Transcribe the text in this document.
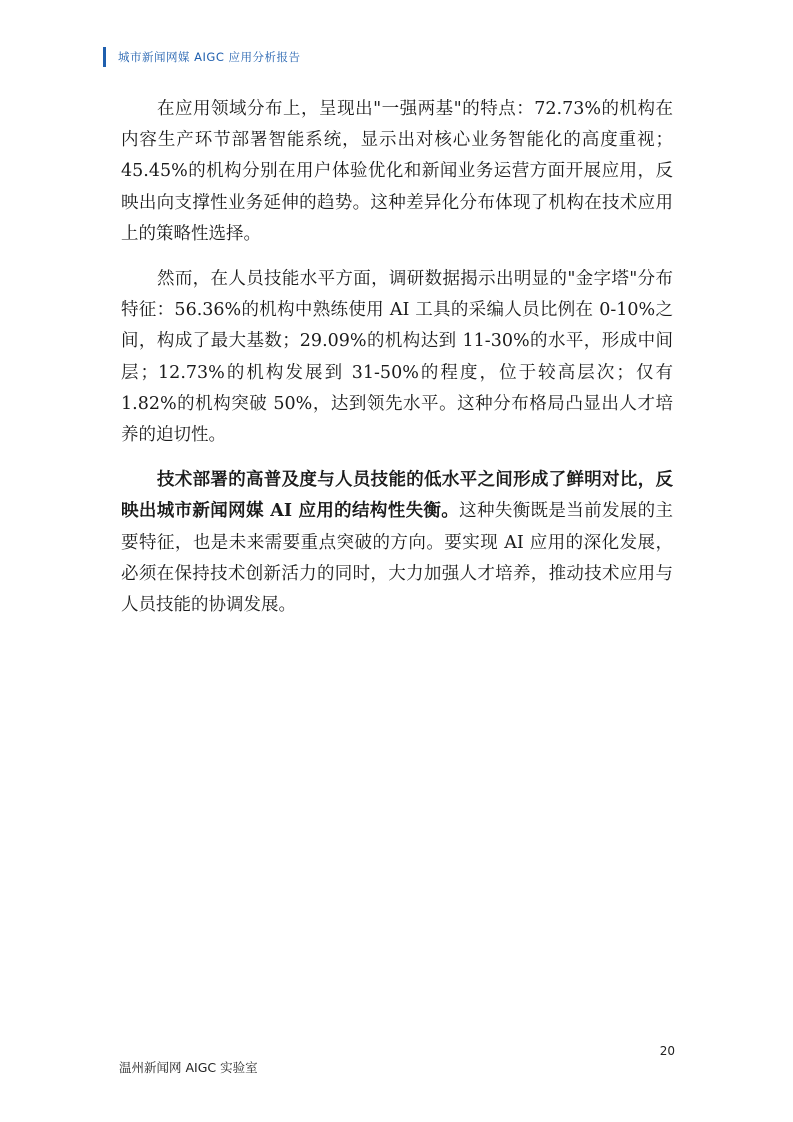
城市新闻网媒 AIGC 应用分析报告

在应用领域分布上，呈现出"一强两基"的特点：72.73%的机构在内容生产环节部署智能系统，显示出对核心业务智能化的高度重视；45.45%的机构分别在用户体验优化和新闻业务运营方面开展应用，反映出向支撑性业务延伸的趋势。这种差异化分布体现了机构在技术应用上的策略性选择。

然而，在人员技能水平方面，调研数据揭示出明显的"金字塔"分布特征：56.36%的机构中熟练使用 AI 工具的采编人员比例在 0-10%之间，构成了最大基数；29.09%的机构达到 11-30%的水平，形成中间层；12.73%的机构发展到 31-50%的程度，位于较高层次；仅有 1.82%的机构突破 50%，达到领先水平。这种分布格局凸显出人才培养的迫切性。

技术部署的高普及度与人员技能的低水平之间形成了鲜明对比，反映出城市新闻网媒 AI 应用的结构性失衡。这种失衡既是当前发展的主要特征，也是未来需要重点突破的方向。要实现 AI 应用的深化发展，必须在保持技术创新活力的同时，大力加强人才培养，推动技术应用与人员技能的协调发展。

20
温州新闻网 AIGC 实验室
